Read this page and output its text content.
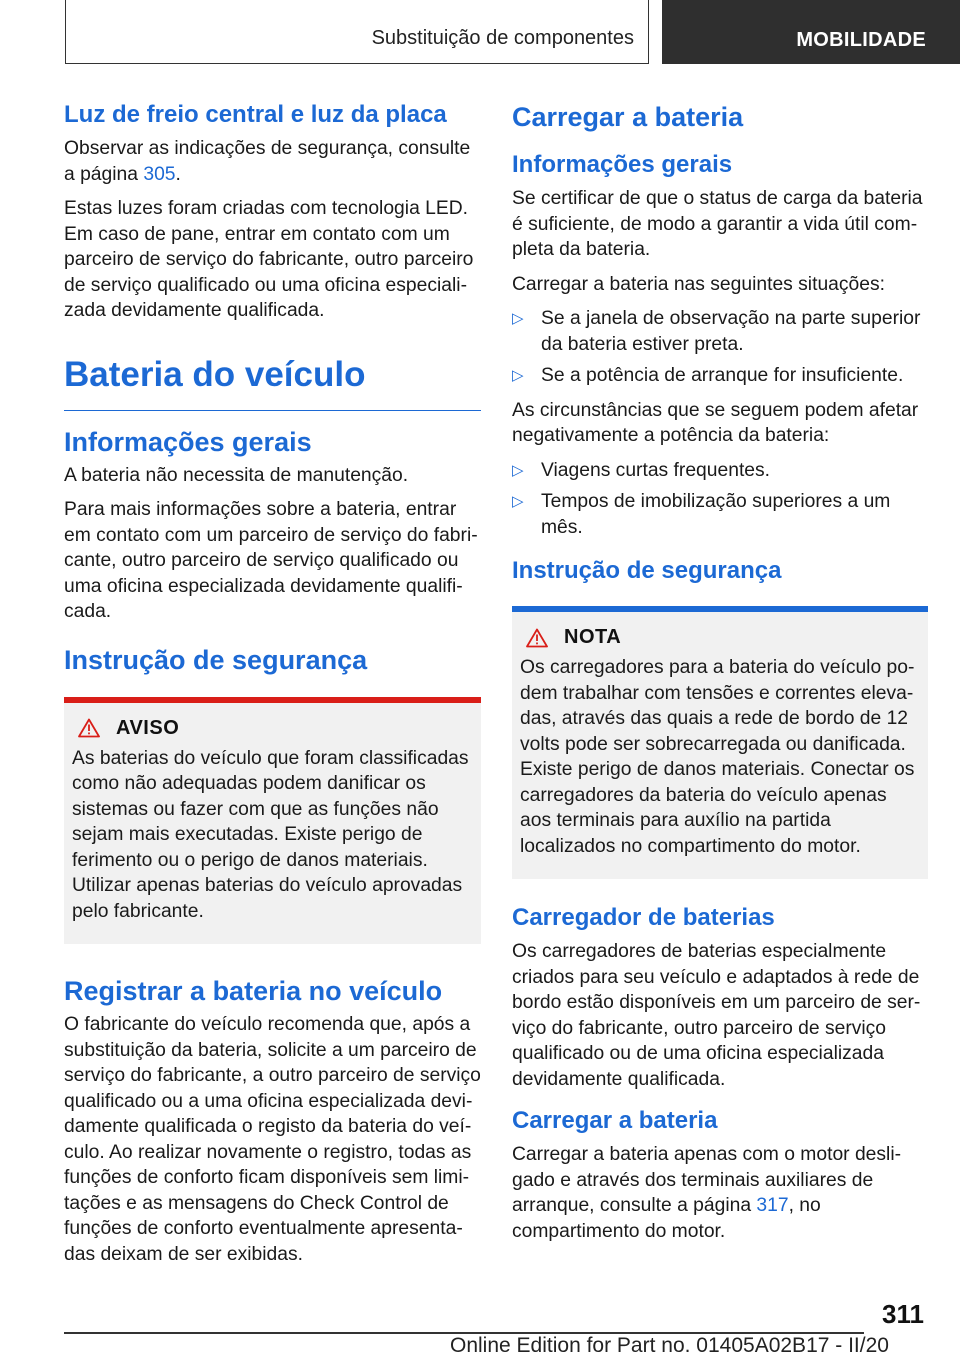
Substituição de componentes	MOBILIDADE
Luz de freio central e luz da placa

Observar as indicações de segurança, consulte a página 305.

Estas luzes foram criadas com tecnologia LED. Em caso de pane, entrar em contato com um parceiro de serviço do fabricante, outro parceiro de serviço qualificado ou uma oficina especializada devidamente qualificada.

Bateria do veículo
Informações gerais

A bateria não necessita de manutenção.

Para mais informações sobre a bateria, entrar em contato com um parceiro de serviço do fabricante, outro parceiro de serviço qualificado ou uma oficina especializada devidamente qualificada.

Instrução de segurança
AVISO

As baterias do veículo que foram classificadas como não adequadas podem danificar os sistemas ou fazer com que as funções não sejam mais executadas. Existe perigo de ferimento ou o perigo de danos materiais. Utilizar apenas baterias do veículo aprovadas pelo fabricante.

Registrar a bateria no veículo

O fabricante do veículo recomenda que, após a substituição da bateria, solicite a um parceiro de serviço do fabricante, a outro parceiro de serviço qualificado ou a uma oficina especializada devidamente qualificada o registo da bateria do veículo. Ao realizar novamente o registro, todas as funções de conforto ficam disponíveis sem limitações e as mensagens do Check Control de funções de conforto eventualmente apresentadas deixam de ser exibidas.

Carregar a bateria
Informações gerais

Se certificar de que o status de carga da bateria é suficiente, de modo a garantir a vida útil completa da bateria.

Carregar a bateria nas seguintes situações:

▷ Se a janela de observação na parte superior da bateria estiver preta.
▷ Se a potência de arranque for insuficiente.

As circunstâncias que se seguem podem afetar negativamente a potência da bateria:

▷ Viagens curtas frequentes.
▷ Tempos de imobilização superiores a um mês.
Instrução de segurança
NOTA

Os carregadores para a bateria do veículo podem trabalhar com tensões e correntes elevadas, através das quais a rede de bordo de 12 volts pode ser sobrecarregada ou danificada. Existe perigo de danos materiais. Conectar os carregadores da bateria do veículo apenas aos terminais para auxílio na partida localizados no compartimento do motor.

Carregador de baterias

Os carregadores de baterias especialmente criados para seu veículo e adaptados à rede de bordo estão disponíveis em um parceiro de serviço do fabricante, outro parceiro de serviço qualificado ou de uma oficina especializada devidamente qualificada.

Carregar a bateria

Carregar a bateria apenas com o motor desligado e através dos terminais auxiliares de arranque, consulte a página 317, no compartimento do motor.

311
Online Edition for Part no. 01405A02B17 - II/20
